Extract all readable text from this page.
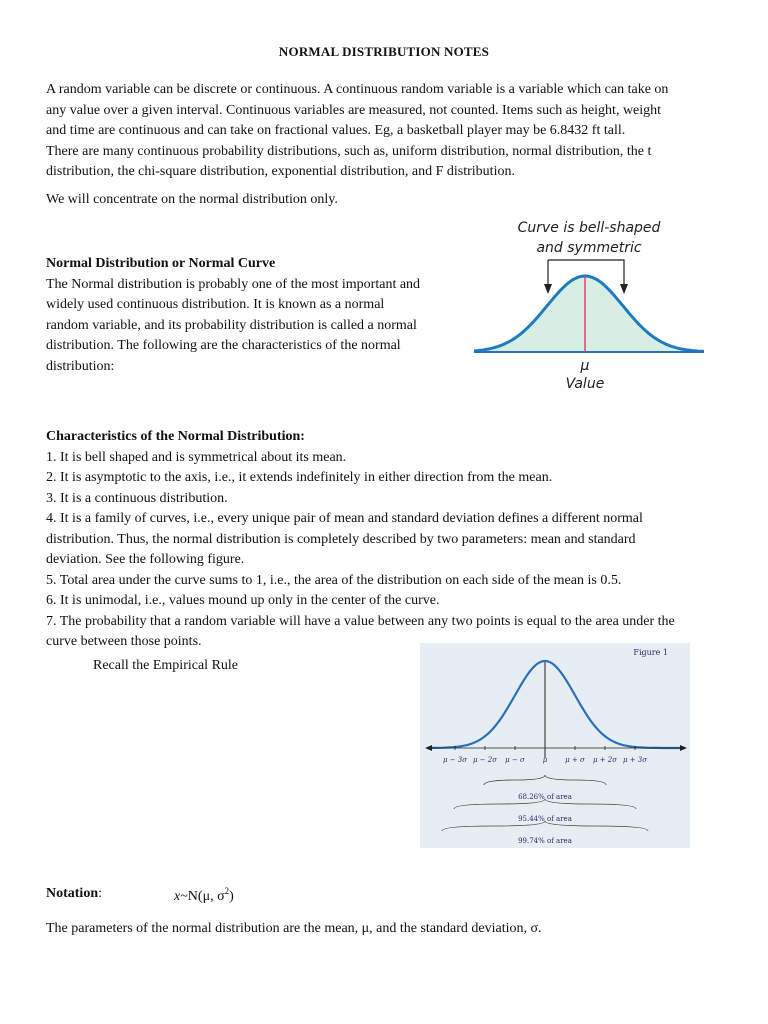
NORMAL DISTRIBUTION NOTES

A random variable can be discrete or continuous. A continuous random variable is a variable which can take on
any value over a given interval. Continuous variables are measured, not counted. Items such as height, weight
and time are continuous and can take on fractional values. Eg, a basketball player may be 6.8432 ft tall.
There are many continuous probability distributions, such as, uniform distribution, normal distribution, the t
distribution, the chi-square distribution, exponential distribution, and F distribution.

We will concentrate on the normal distribution only.

Normal Distribution or Normal Curve
The Normal distribution is probably one of the most important and
widely used continuous distribution. It is known as a normal
random variable, and its probability distribution is called a normal
distribution. The following are the characteristics of the normal
distribution:

Curve is bell-shaped
and symmetric
μ
Value

Characteristics of the Normal Distribution:
1. It is bell shaped and is symmetrical about its mean.
2. It is asymptotic to the axis, i.e., it extends indefinitely in either direction from the mean.
3. It is a continuous distribution.
4. It is a family of curves, i.e., every unique pair of mean and standard deviation defines a different normal
distribution. Thus, the normal distribution is completely described by two parameters: mean and standard
deviation. See the following figure.
5. Total area under the curve sums to 1, i.e., the area of the distribution on each side of the mean is 0.5.
6. It is unimodal, i.e., values mound up only in the center of the curve.
7. The probability that a random variable will have a value between any two points is equal to the area under the
curve between those points.

Recall the Empirical Rule
Figure 1
μ − 3σ μ − 2σ μ − σ	μ	μ + σ μ + 2σ μ + 3σ
68.26% of area
95.44% of area
99.74% of area
Notation:	x~N(μ, $\sigma^2$)
The parameters of the normal distribution are the mean, μ, and the standard deviation, σ.
